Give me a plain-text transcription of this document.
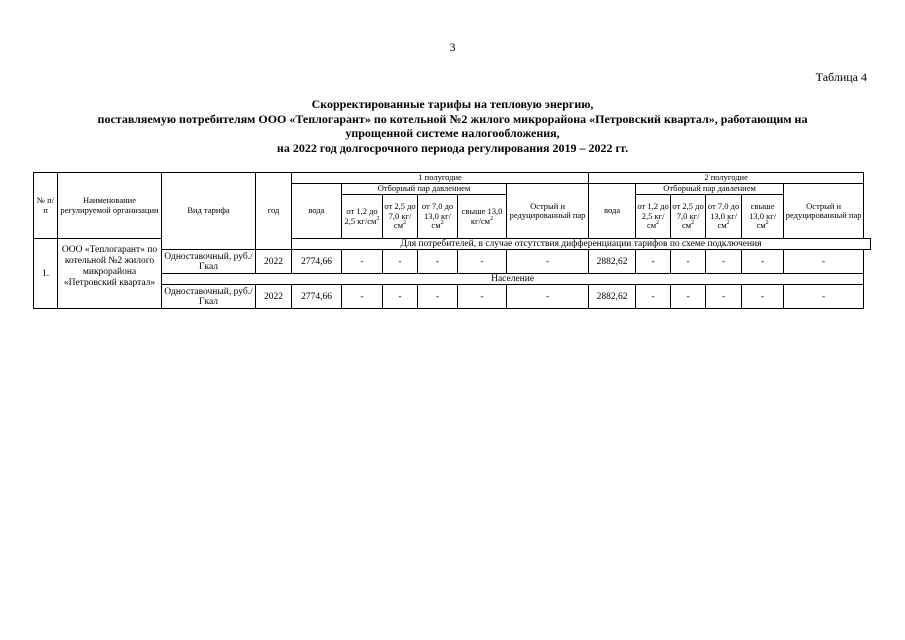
3
Таблица 4
Скорректированные тарифы на тепловую энергию,
поставляемую потребителям ООО «Теплогарант» по котельной №2 жилого микрорайона «Петровский квартал», работающим на
упрощенной системе налогообложения,
на 2022 год долгосрочного периода регулирования 2019 – 2022 гг.
№ п/п	Наименование регулируемой организации	Вид тарифа	год	1 полугодие						2 полугодие					
				вода	Отборный пар давлением				Острый и редуцированный пар	вода	Отборный пар давлением				Острый и редуцированный пар
					от 1,2 до 2,5 $кг/см^2$	от 2,5 до 7,0 $кг/см^2$	от 7,0 до 13,0 $кг/см^2$	свыше 13,0 $кг/см^2$			от 1,2 до 2,5 $кг/см^2$	от 2,5 до 7,0 $кг/см^2$	от 7,0 до 13,0 $кг/см^2$	свыше 13,0 $кг/см^2$
1.	ООО «Теплогарант» по котельной №2 жилого микрорайона «Петровский квартал»			Для потребителей, в случае отсутствия дифференциации тарифов по схеме подключения											
		Одноставочный, руб./Гкал	2022	2774,66	-	-	-	-	-	2882,62	-	-	-	-	-
		Население													
		Одноставочный, руб./Гкал	2022	2774,66	-	-	-	-	-	2882,62	-	-	-	-	-
